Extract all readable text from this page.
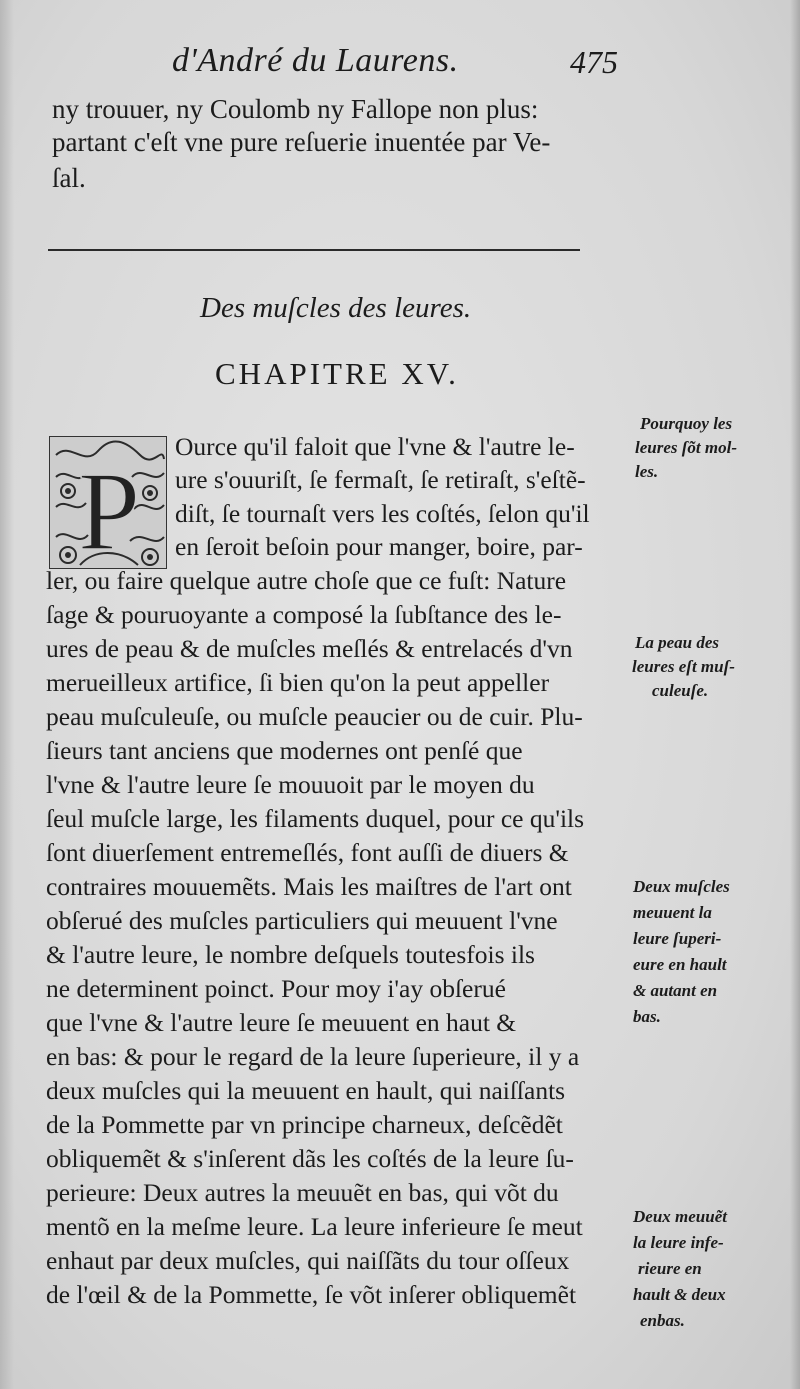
d'André du Laurens.	475
ny trouuer, ny Coulomb ny Fallope non plus:
partant c'eſt vne pure reſuerie inuentée par Ve-
ſal.
Des muſcles des leures.
CHAPITRE XV.
P
Ource qu'il faloit que l'vne & l'autre le-
ure s'ouuriſt, ſe fermaſt, ſe retiraſt, s'eſtẽ-
diſt, ſe tournaſt vers les coſtés, ſelon qu'il
en ſeroit beſoin pour manger, boire, par-
ler, ou faire quelque autre choſe que ce fuſt: Nature
ſage & pouruoyante a composé la ſubſtance des le-
ures de peau & de muſcles meſlés & entrelacés d'vn
merueilleux artifice, ſi bien qu'on la peut appeller
peau muſculeuſe, ou muſcle peaucier ou de cuir. Plu-
ſieurs tant anciens que modernes ont penſé que
l'vne & l'autre leure ſe mouuoit par le moyen du
ſeul muſcle large, les filaments duquel, pour ce qu'ils
ſont diuerſement entremeſlés, font auſſi de diuers &
contraires mouuemẽts. Mais les maiſtres de l'art ont
obſerué des muſcles particuliers qui meuuent l'vne
& l'autre leure, le nombre deſquels toutesfois ils
ne determinent poinct. Pour moy i'ay obſerué
que l'vne & l'autre leure ſe meuuent en haut &
en bas: & pour le regard de la leure ſuperieure, il y a
deux muſcles qui la meuuent en hault, qui naiſſants
de la Pommette par vn principe charneux, deſcẽdẽt
obliquemẽt & s'inſerent dãs les coſtés de la leure ſu-
perieure: Deux autres la meuuẽt en bas, qui võt du
mentõ en la meſme leure. La leure inferieure ſe meut
enhaut par deux muſcles, qui naiſſãts du tour oſſeux
de l'œil & de la Pommette, ſe võt inſerer obliquemẽt
Pourquoy les
leures ſõt mol-
les.
La peau des
leures eſt muſ-
culeuſe.
Deux muſcles
meuuent la
leure ſuperi-
eure en hault
& autant en
bas.
Deux meuuẽt
la leure infe-
rieure en
hault & deux
enbas.
